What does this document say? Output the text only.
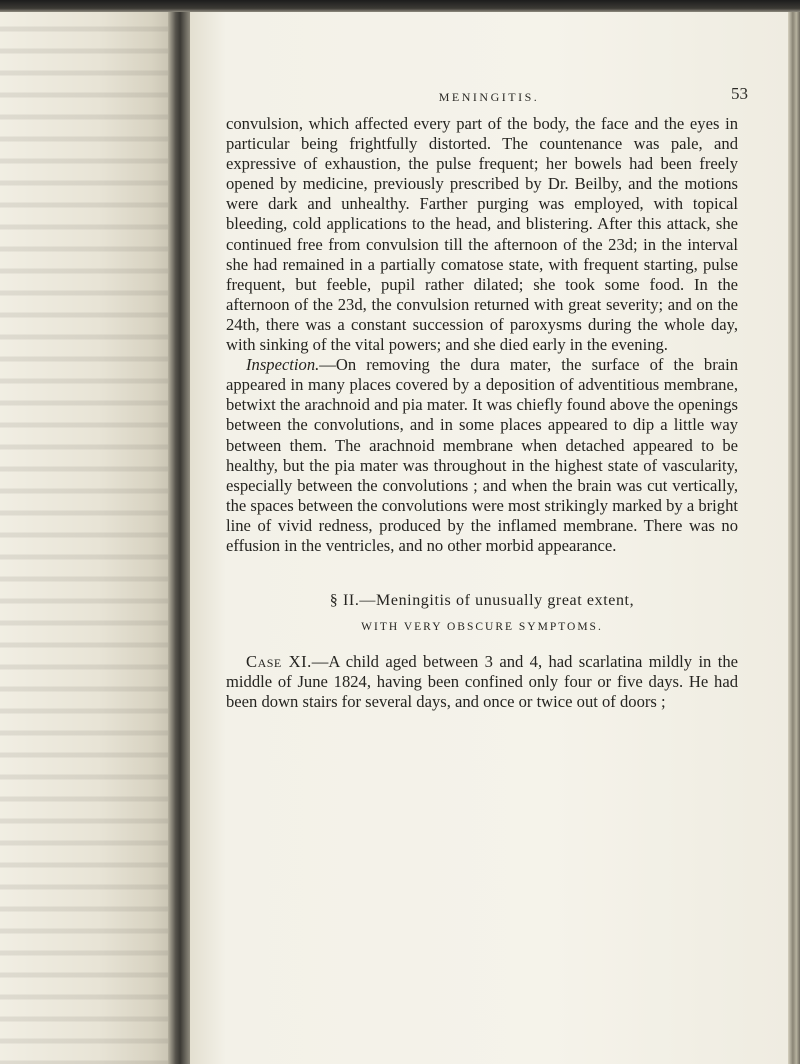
MENINGITIS.	53

convulsion, which affected every part of the body, the face and the eyes in particular being frightfully distorted. The countenance was pale, and expressive of exhaustion, the pulse frequent; her bowels had been freely opened by medicine, previously prescribed by Dr. Beilby, and the motions were dark and unhealthy. Farther purging was employed, with topical bleeding, cold applications to the head, and blistering. After this attack, she continued free from convulsion till the afternoon of the 23d; in the interval she had remained in a partially comatose state, with frequent starting, pulse frequent, but feeble, pupil rather dilated; she took some food. In the afternoon of the 23d, the convulsion returned with great severity; and on the 24th, there was a constant succession of paroxysms during the whole day, with sinking of the vital powers; and she died early in the evening.

Inspection.—On removing the dura mater, the surface of the brain appeared in many places covered by a deposition of adventitious membrane, betwixt the arachnoid and pia mater. It was chiefly found above the openings between the convolutions, and in some places appeared to dip a little way between them. The arachnoid membrane when detached appeared to be healthy, but the pia mater was throughout in the highest state of vascularity, especially between the convolutions ; and when the brain was cut vertically, the spaces between the convolutions were most strikingly marked by a bright line of vivid redness, produced by the inflamed membrane. There was no effusion in the ventricles, and no other morbid appearance.

§ II.—Meningitis of unusually great extent,
WITH VERY OBSCURE SYMPTOMS.

Case XI.—A child aged between 3 and 4, had scarlatina mildly in the middle of June 1824, having been confined only four or five days. He had been down stairs for several days, and once or twice out of doors ;
